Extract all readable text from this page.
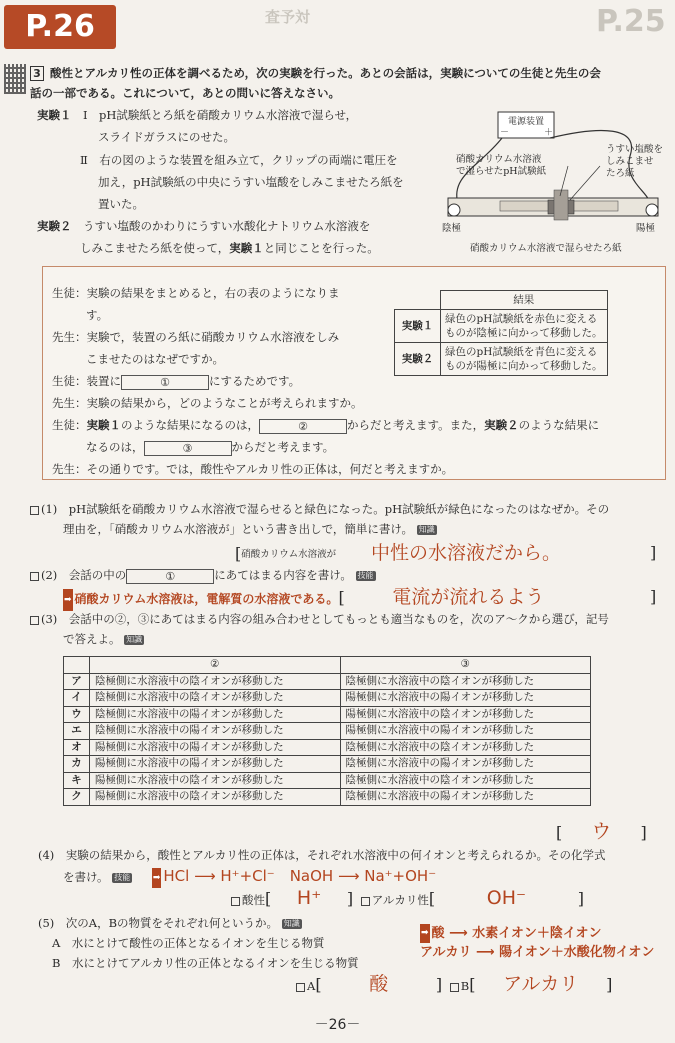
P.26	査予対	P.25
3 酸性とアルカリ性の正体を調べるため，次の実験を行った。あとの会話は，実験についての生徒と先生の会
話の一部である。これについて，あとの問いに答えなさい。
実験１　 Ⅰ　pH試験紙とろ紙を硝酸カリウム水溶液で湿らせ，
スライドガラスにのせた。
Ⅱ　右の図のような装置を組み立て，クリップの両端に電圧を
加え，pH試験紙の中央にうすい塩酸をしみこませたろ紙を
置いた。
実験２　 うすい塩酸のかわりにうすい水酸化ナトリウム水溶液を
しみこませたろ紙を使って，実験１と同じことを行った。
電源装置
－	＋
硝酸カリウム水溶液
で湿らせたpH試験紙
うすい塩酸を
しみこませ
たろ紙
陰極	陽極
硝酸カリウム水溶液で湿らせたろ紙
生徒：実験の結果をまとめると，右の表のようになりま
す。
先生：実験で，装置のろ紙に硝酸カリウム水溶液をしみ
こませたのはなぜですか。
生徒：装置に	①	にするためです。
先生：実験の結果から，どのようなことが考えられますか。
生徒：実験１のような結果になるのは，	②	からだと考えます。また，実験２のような結果に
なるのは，	③	からだと考えます。
先生：その通りです。では，酸性やアルカリ性の正体は，何だと考えますか。
	結果
実験１	緑色のpH試験紙を赤色に変える
ものが陰極に向かって移動した。

実験２	緑色のpH試験紙を青色に変える
ものが陽極に向かって移動した。
(1)　 pH試験紙を硝酸カリウム水溶液で湿らせると緑色になった。pH試験紙が緑色になったのはなぜか。その
理由を，「硝酸カリウム水溶液が」という書き出しで，簡単に書け。 知識
[硝酸カリウム水溶液が 中性の水溶液だから。	]
(2)　 会話の中の	①	にあてはまる内容を書け。 技能
➡ 硝酸カリウム水溶液は，電解質の水溶液である。[	電流が流れるよう	]
(3)　 会話中の②，③にあてはまる内容の組み合わせとしてもっとも適当なものを，次のア～クから選び，記号
で答えよ。 知識
	②	③
ア	陰極側に水溶液中の陰イオンが移動した	陰極側に水溶液中の陰イオンが移動した
イ	陰極側に水溶液中の陰イオンが移動した	陽極側に水溶液中の陽イオンが移動した
ウ	陰極側に水溶液中の陽イオンが移動した	陽極側に水溶液中の陰イオンが移動した
エ	陰極側に水溶液中の陽イオンが移動した	陽極側に水溶液中の陽イオンが移動した
オ	陽極側に水溶液中の陽イオンが移動した	陰極側に水溶液中の陰イオンが移動した
カ	陽極側に水溶液中の陽イオンが移動した	陰極側に水溶液中の陽イオンが移動した
キ	陽極側に水溶液中の陰イオンが移動した	陰極側に水溶液中の陰イオンが移動した
ク	陽極側に水溶液中の陰イオンが移動した	陰極側に水溶液中の陽イオンが移動した
[ ウ ]
(4)　 実験の結果から，酸性とアルカリ性の正体は，それぞれ水溶液中の何イオンと考えられるか。その化学式
を書け。 技能	➡ HCl ⟶ H⁺+Cl⁻　NaOH ⟶ Na⁺+OH⁻
酸性[ H⁺ ] アルカリ性[	OH⁻	]
(5)　 次のA，Bの物質をそれぞれ何というか。 知識
A　水にとけて酸性の正体となるイオンを生じる物質
B　水にとけてアルカリ性の正体となるイオンを生じる物質
➡ 酸 ⟶ 水素イオン＋陰イオン
アルカリ ⟶ 陽イオン＋水酸化物イオン
A[	酸	] B[ アルカリ ]
－26－
